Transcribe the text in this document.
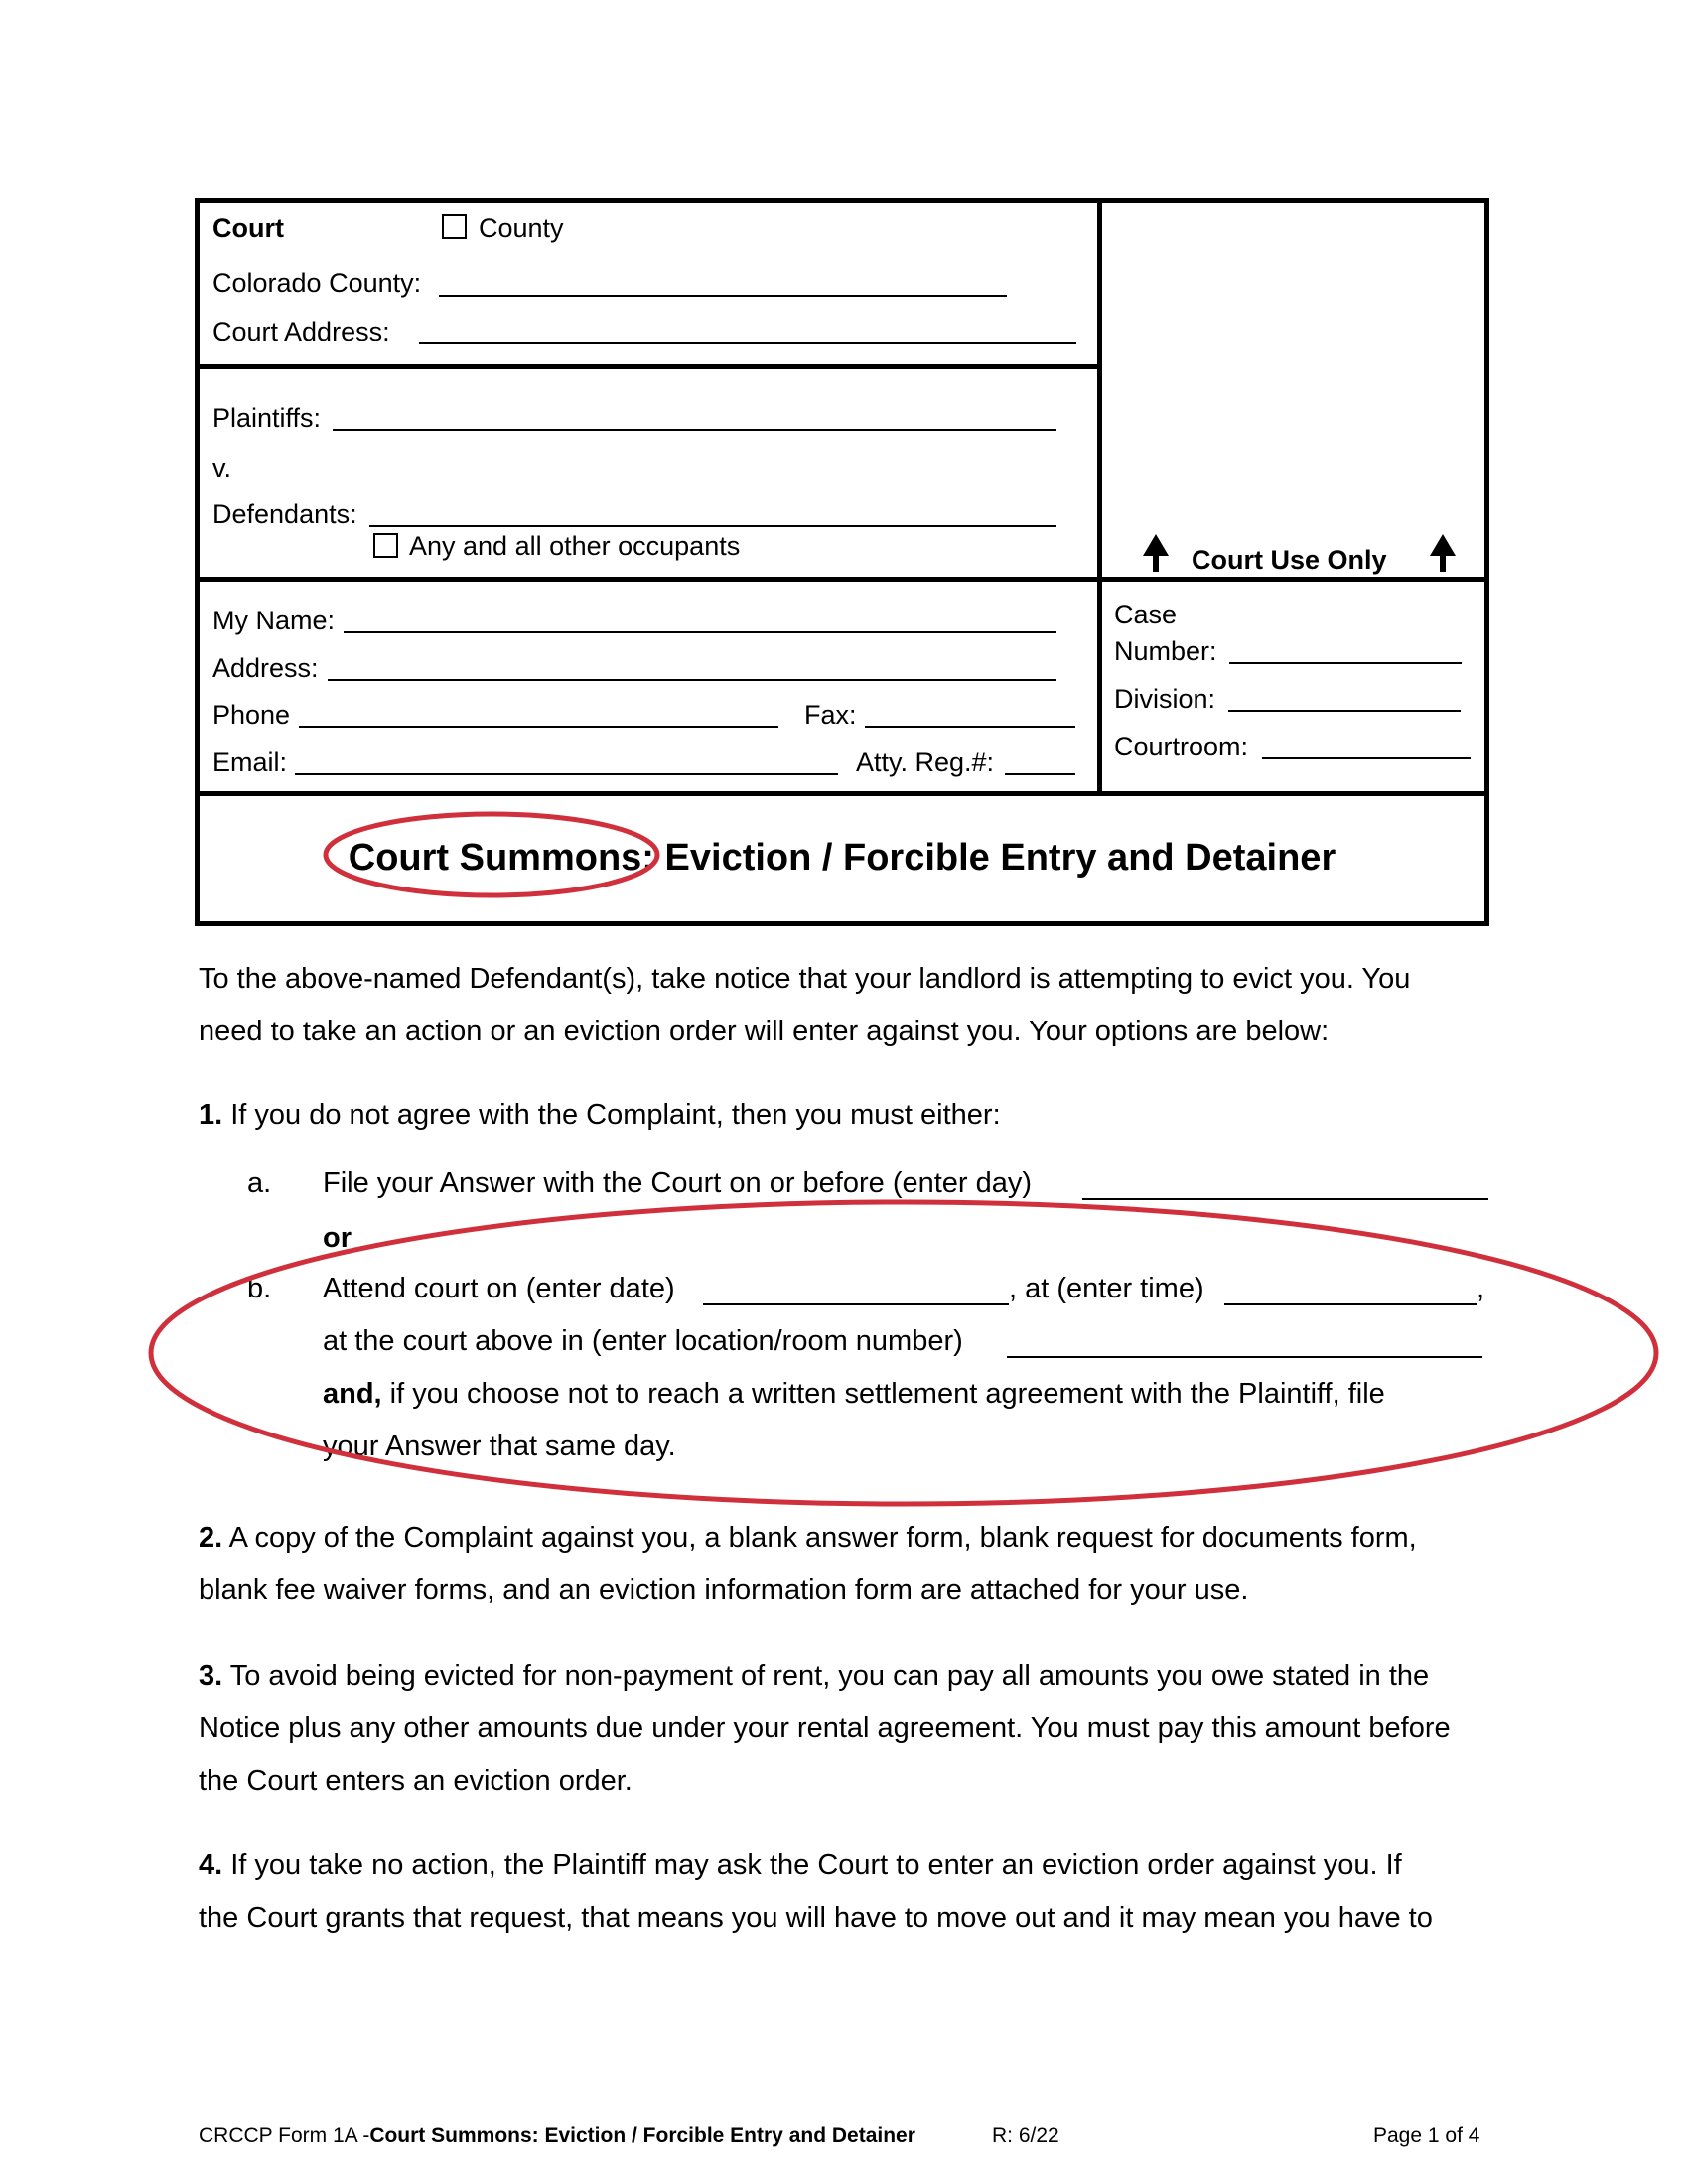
Court	County
Colorado County:
Court Address:
Plaintiffs:
v.
Defendants:
Any and all other occupants	Court Use Only
My Name:
Address:
Phone	Fax:
Email:	Atty. Reg.#:
Case
Number:
Division:
Courtroom:
Court Summons: Eviction / Forcible Entry and Detainer
To the above-named Defendant(s), take notice that your landlord is attempting to evict you. You
need to take an action or an eviction order will enter against you. Your options are below:
1. If you do not agree with the Complaint, then you must either:
a. File your Answer with the Court on or before (enter day)
or
b. Attend court on (enter date)	, at (enter time)	,
at the court above in (enter location/room number)
and, if you choose not to reach a written settlement agreement with the Plaintiff, file
your Answer that same day.
2. A copy of the Complaint against you, a blank answer form, blank request for documents form,
blank fee waiver forms, and an eviction information form are attached for your use.
3. To avoid being evicted for non-payment of rent, you can pay all amounts you owe stated in the
Notice plus any other amounts due under your rental agreement. You must pay this amount before
the Court enters an eviction order.
4. If you take no action, the Plaintiff may ask the Court to enter an eviction order against you. If
the Court grants that request, that means you will have to move out and it may mean you have to
CRCCP Form 1A -Court Summons: Eviction / Forcible Entry and Detainer	R: 6/22	Page 1 of 4
